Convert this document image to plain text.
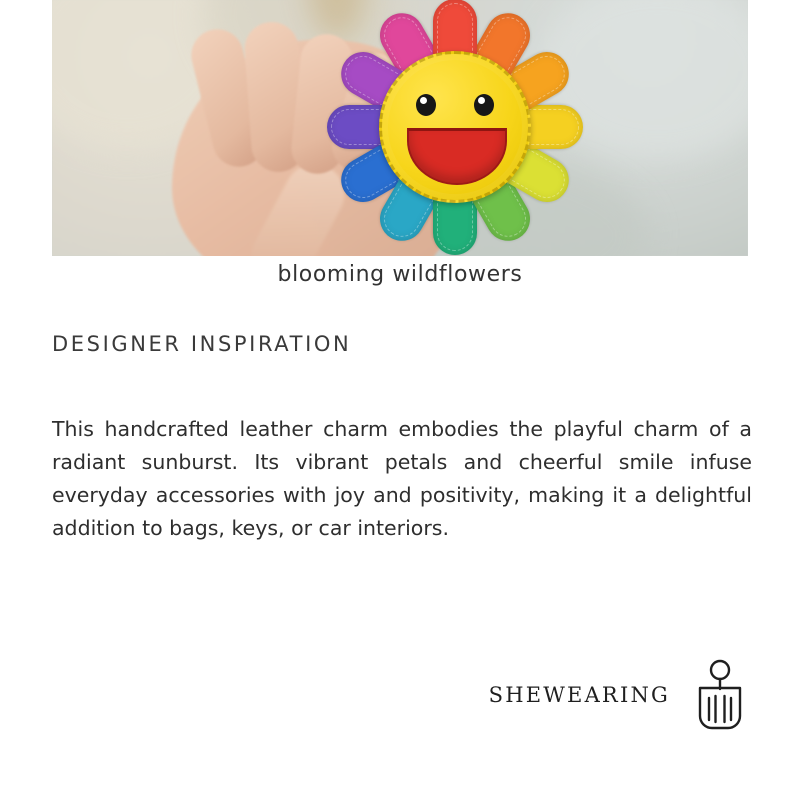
blooming wildflowers
DESIGNER INSPIRATION

This handcrafted leather charm embodies the playful charm of a radiant sunburst. Its vibrant petals and cheerful smile infuse everyday accessories with joy and positivity, making it a delightful addition to bags, keys, or car interiors.

SHEWEARING
